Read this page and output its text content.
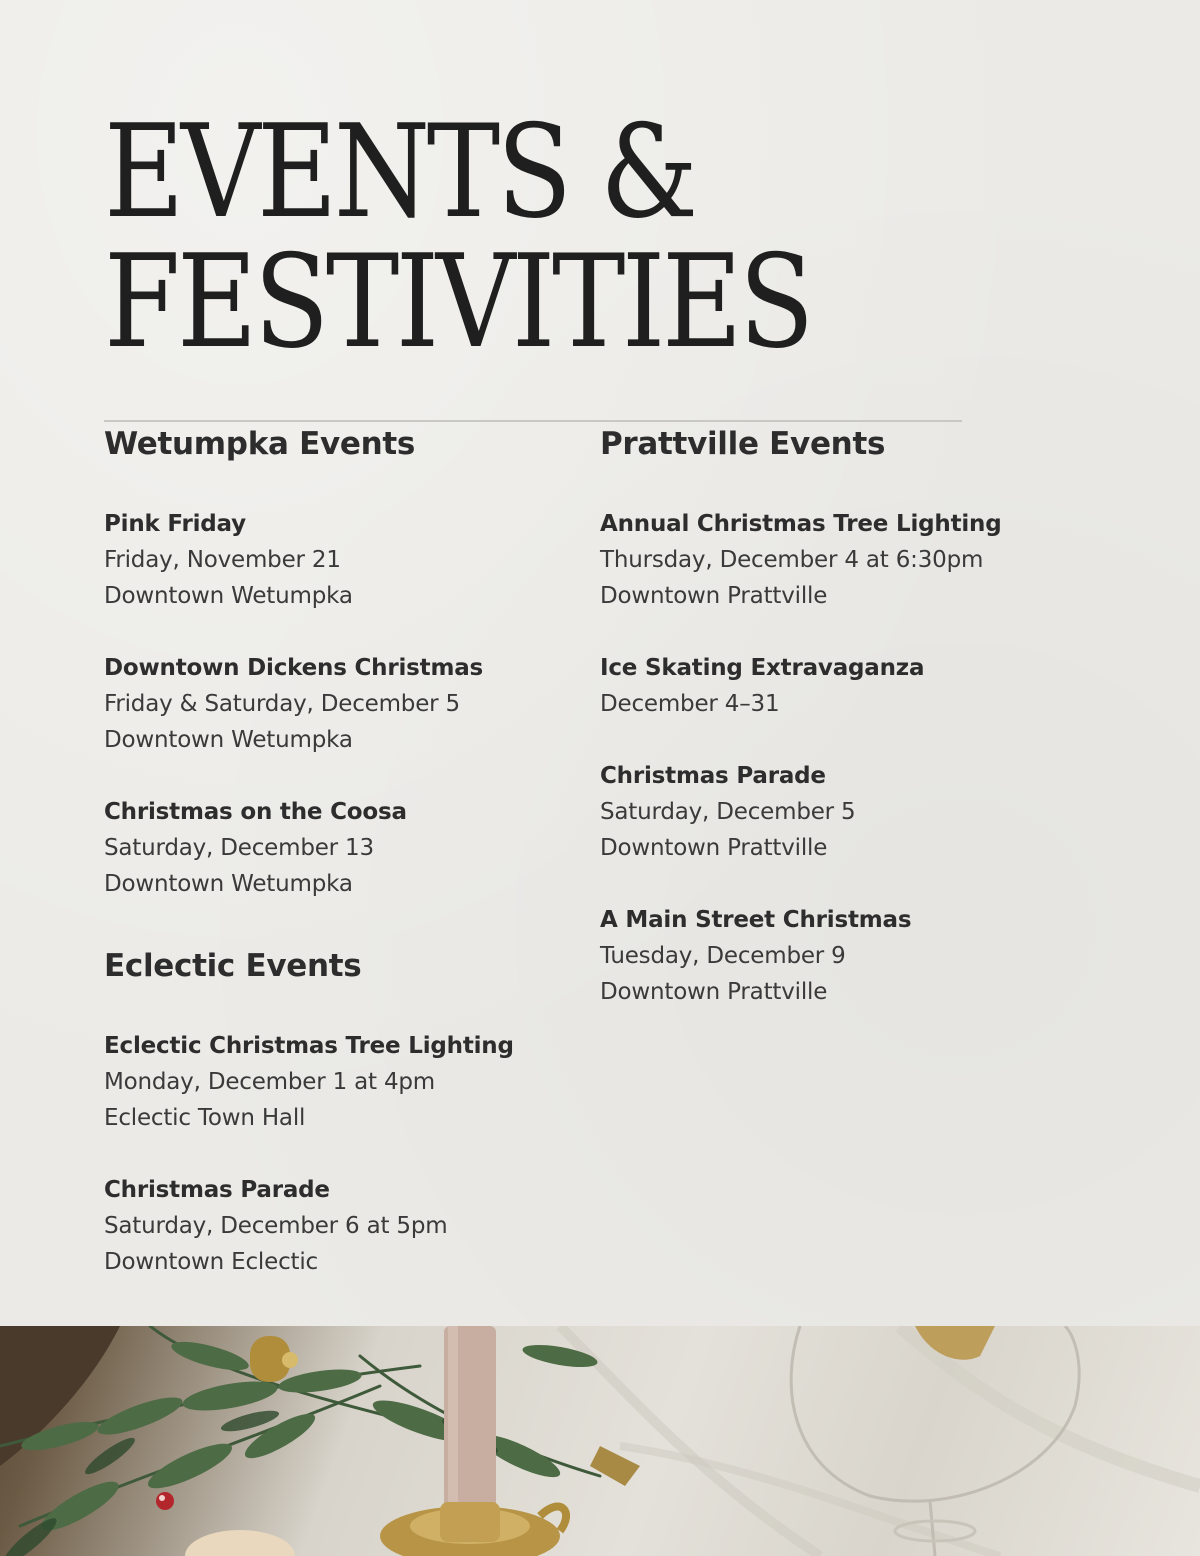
EVENTS &
FESTIVITIES
Wetumpka Events
Pink Friday
Friday, November 21
Downtown Wetumpka
Downtown Dickens Christmas
Friday & Saturday, December 5
Downtown Wetumpka
Christmas on the Coosa
Saturday, December 13
Downtown Wetumpka
Eclectic Events
Eclectic Christmas Tree Lighting
Monday, December 1 at 4pm
Eclectic Town Hall
Christmas Parade
Saturday, December 6 at 5pm
Downtown Eclectic
Prattville Events
Annual Christmas Tree Lighting
Thursday, December 4 at 6:30pm
Downtown Prattville
Ice Skating Extravaganza
December 4–31
Christmas Parade
Saturday, December 5
Downtown Prattville
A Main Street Christmas
Tuesday, December 9
Downtown Prattville
